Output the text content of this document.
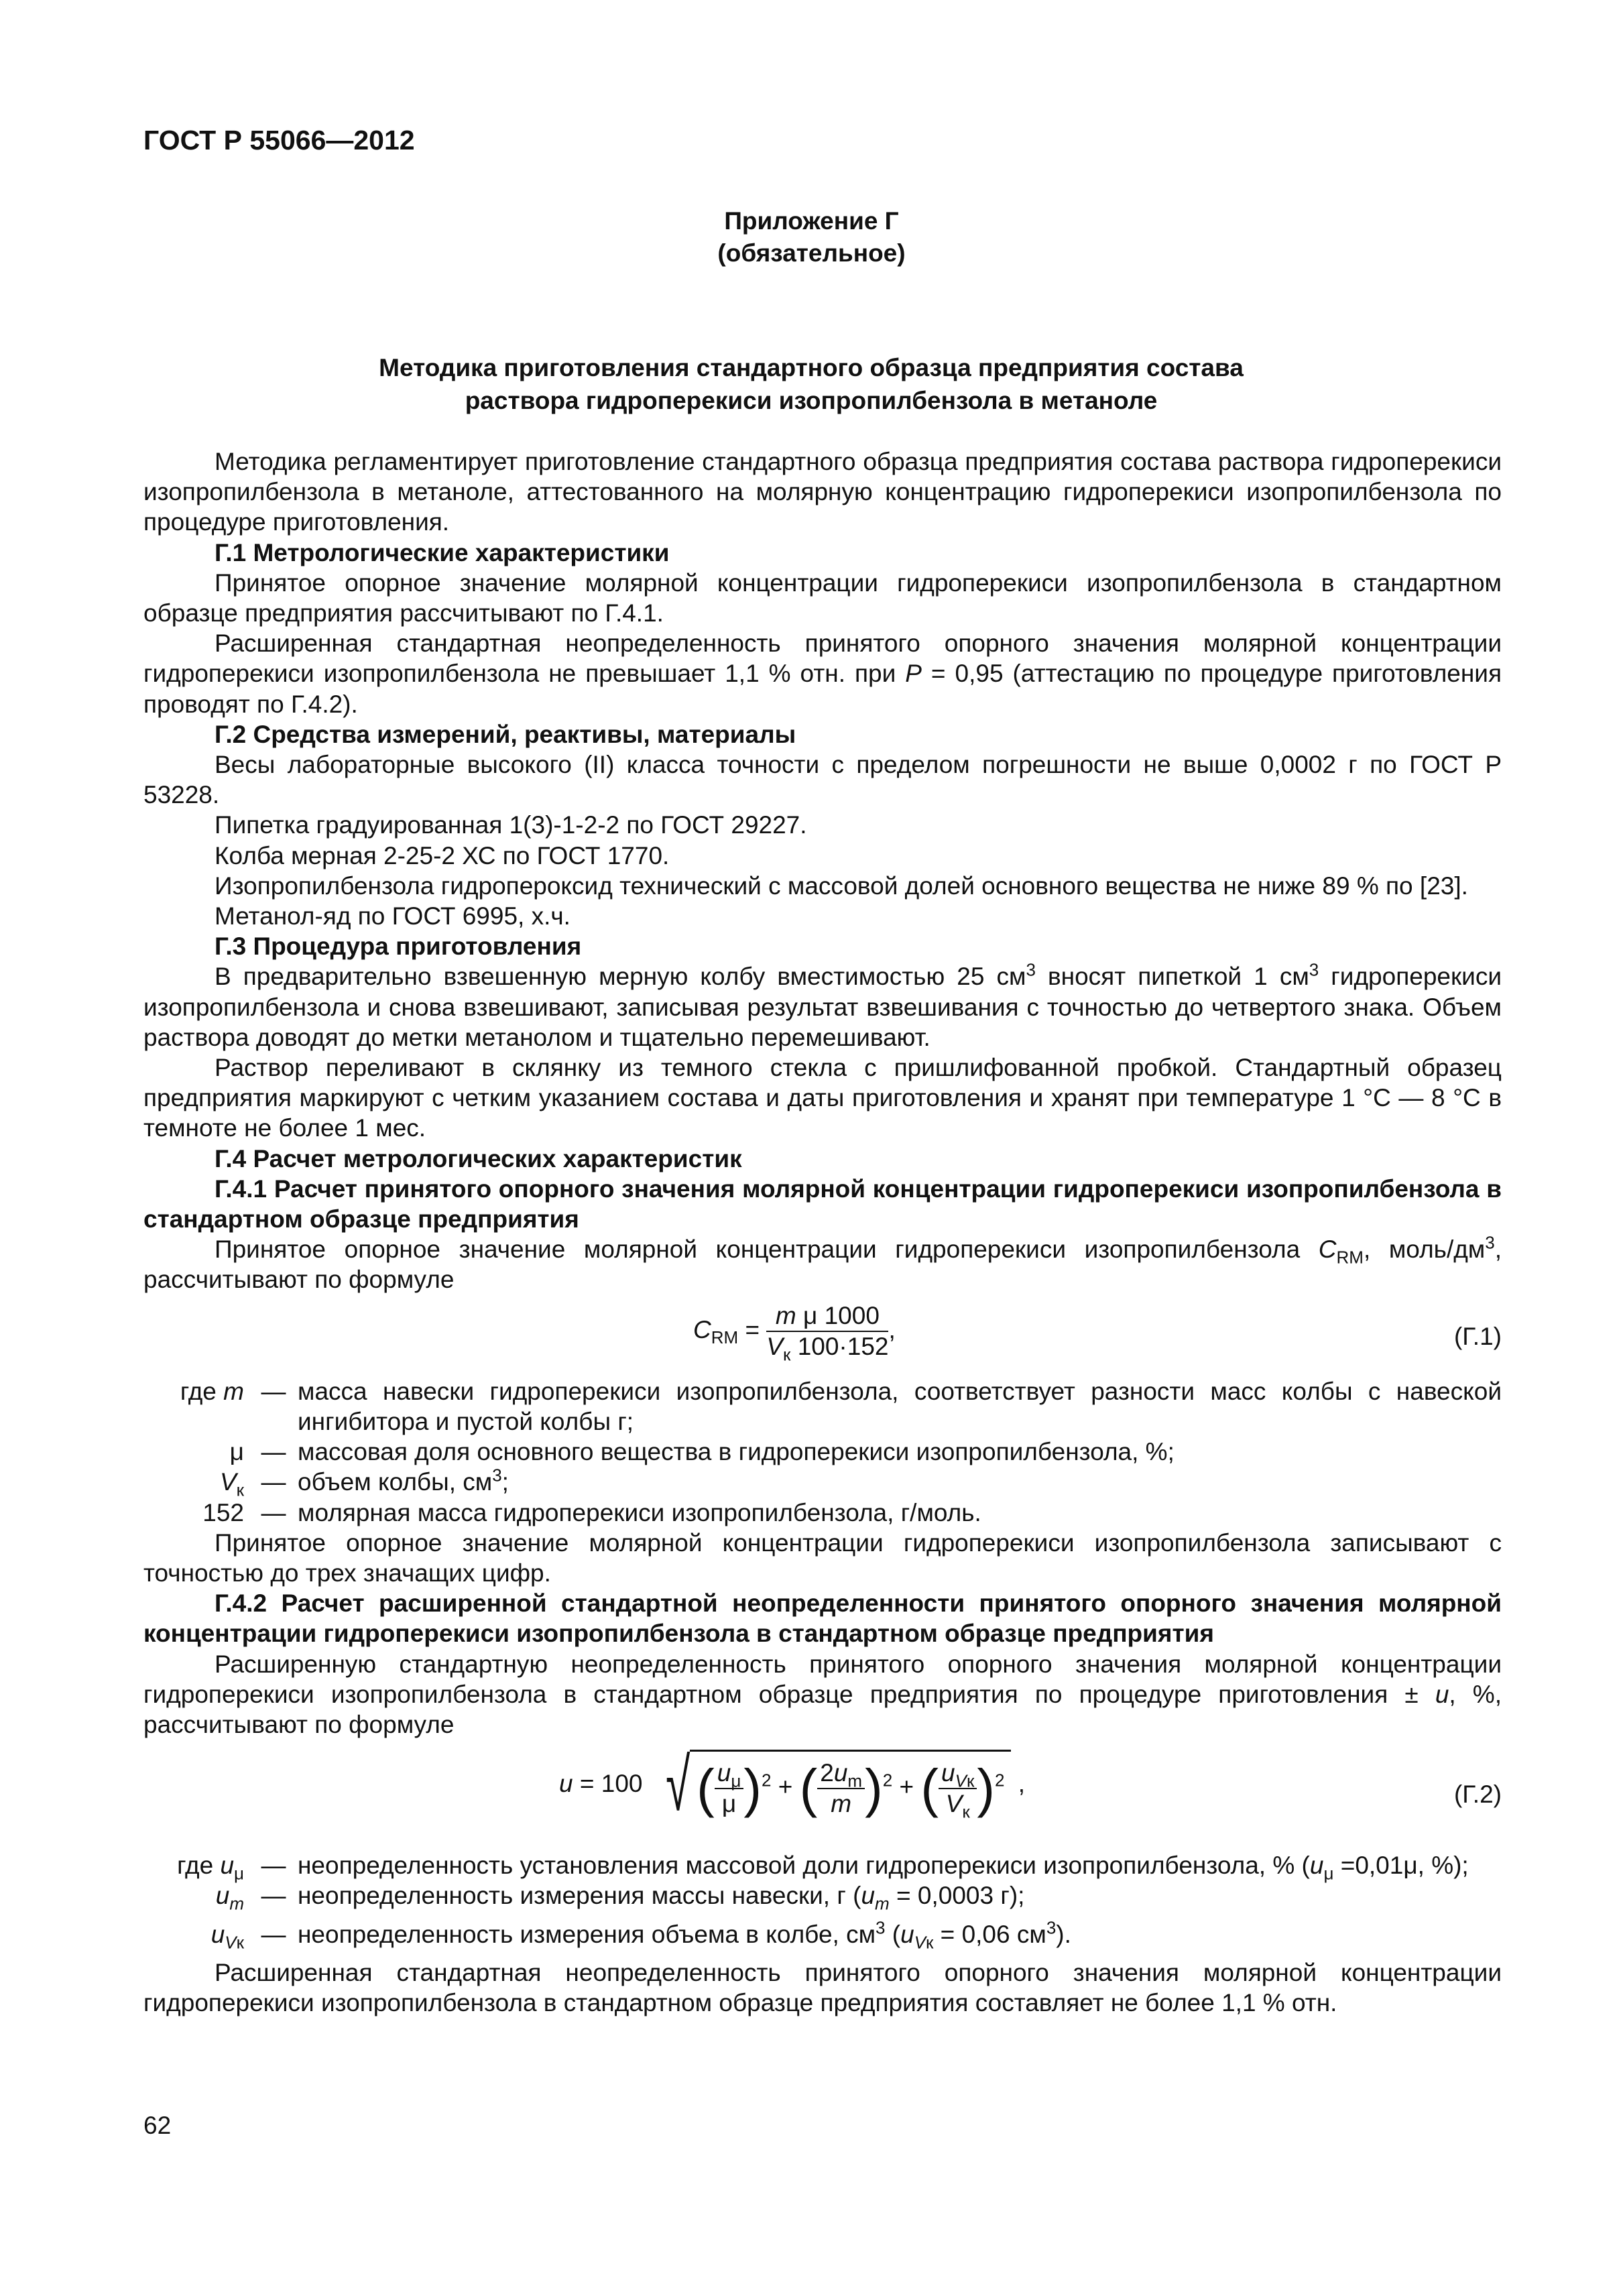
ГОСТ Р 55066—2012
Приложение Г
(обязательное)
Методика приготовления стандартного образца предприятия состава
раствора гидроперекиси изопропилбензола в метаноле

Методика регламентирует приготовление стандартного образца предприятия состава раствора гидроперекиси изопропилбензола в метаноле, аттестованного на молярную концентрацию гидроперекиси изопропилбензола по процедуре приготовления.

Г.1 Метрологические характеристики

Принятое опорное значение молярной концентрации гидроперекиси изопропилбензола в стандартном образце предприятия рассчитывают по Г.4.1.

Расширенная стандартная неопределенность принятого опорного значения молярной концентрации гидроперекиси изопропилбензола не превышает 1,1 % отн. при Р = 0,95 (аттестацию по процедуре приготовления проводят по Г.4.2).

Г.2 Средства измерений, реактивы, материалы

Весы лабораторные высокого (II) класса точности с пределом погрешности не выше 0,0002 г по ГОСТ Р 53228.

Пипетка градуированная 1(3)-1-2-2 по ГОСТ 29227.

Колба мерная 2-25-2 ХС по ГОСТ 1770.

Изопропилбензола гидропероксид технический с массовой долей основного вещества не ниже 89 % по [23].

Метанол-яд по ГОСТ 6995, х.ч.

Г.3 Процедура приготовления

В предварительно взвешенную мерную колбу вместимостью 25 $см^3$ вносят пипеткой 1 $см^3$ гидроперекиси изопропилбензола и снова взвешивают, записывая результат взвешивания с точностью до четвертого знака. Объем раствора доводят до метки метанолом и тщательно перемешивают.

Раствор переливают в склянку из темного стекла с пришлифованной пробкой. Стандартный образец предприятия маркируют с четким указанием состава и даты приготовления и хранят при температуре 1 °С — 8 °С в темноте не более 1 мес.

Г.4 Расчет метрологических характеристик

Г.4.1 Расчет принятого опорного значения молярной концентрации гидроперекиси изопропилбензола в стандартном образце предприятия

Принятое опорное значение молярной концентрации гидроперекиси изопропилбензола $С_{RM}$, моль/$дм^3$, рассчитывают по формуле

$С_{RM} = \frac{\text{m μ 1000}}{V_к 100\cdot 152}$ ,	(Г.1)
где m — масса навески гидроперекиси изопропилбензола, соответствует разности масс колбы с навеской ингибитора и пустой колбы г;
μ — массовая доля основного вещества в гидроперекиси изопропилбензола, %;
$V_к$ — объем колбы, $см^3$;
152 — молярная масса гидроперекиси изопропилбензола, г/моль.

Принятое опорное значение молярной концентрации гидроперекиси изопропилбензола записывают с точностью до трех значащих цифр.

Г.4.2 Расчет расширенной стандартной неопределенности принятого опорного значения молярной концентрации гидроперекиси изопропилбензола в стандартном образце предприятия

Расширенную стандартную неопределенность принятого опорного значения молярной концентрации гидроперекиси изопропилбензола в стандартном образце предприятия по процедуре приготовления ± u, %, рассчитывают по формуле

u = 100 √ ( $\frac{u_\mu}{\mu} )^2$ + ( $\frac{2u_m}{m} )^2$ + ( $\frac{u_{Vк}}{V_к} )^2$ ,	(Г.2)
где $u_\mu$ — неопределенность установления массовой доли гидроперекиси изопропилбензола, % ($u_\mu =0,01\mu$, %);
$u_m$ — неопределенность измерения массы навески, г ($u_m = 0,0003$ г);
$u_{Vк}$ — неопределенность измерения объема в колбе, $см^3$ ($u_{Vк} = 0,06$ $см^3$).

Расширенная стандартная неопределенность принятого опорного значения молярной концентрации гидроперекиси изопропилбензола в стандартном образце предприятия составляет не более 1,1 % отн.

62
